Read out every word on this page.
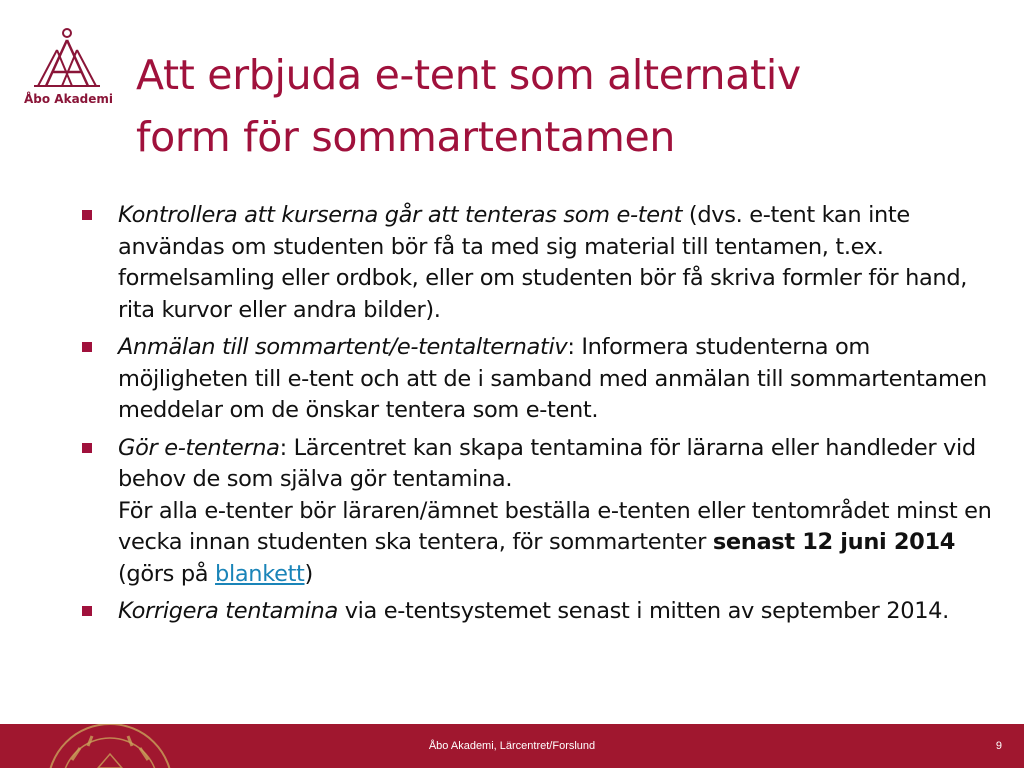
Åbo Akademi Att erbjuda e-tent som alternativ
form för sommartentamen
Kontrollera att kurserna går att tenteras som e-tent (dvs. e-tent kan inte användas om studenten bör få ta med sig material till tentamen, t.ex. formelsamling eller ordbok, eller om studenten bör få skriva formler för hand, rita kurvor eller andra bilder).
Anmälan till sommartent/e-tentalternativ: Informera studenterna om möjligheten till e-tent och att de i samband med anmälan till sommartentamen meddelar om de önskar tentera som e-tent.
Gör e-tenterna: Lärcentret kan skapa tentamina för lärarna eller handleder vid behov de som själva gör tentamina.
För alla e-tenter bör läraren/ämnet beställa e-tenten eller tentområdet minst en vecka innan studenten ska tentera, för sommartenter senast 12 juni 2014 (görs på blankett)
Korrigera tentamina via e-tentsystemet senast i mitten av september 2014.
Åbo Akademi, Lärcentret/Forslund	9
